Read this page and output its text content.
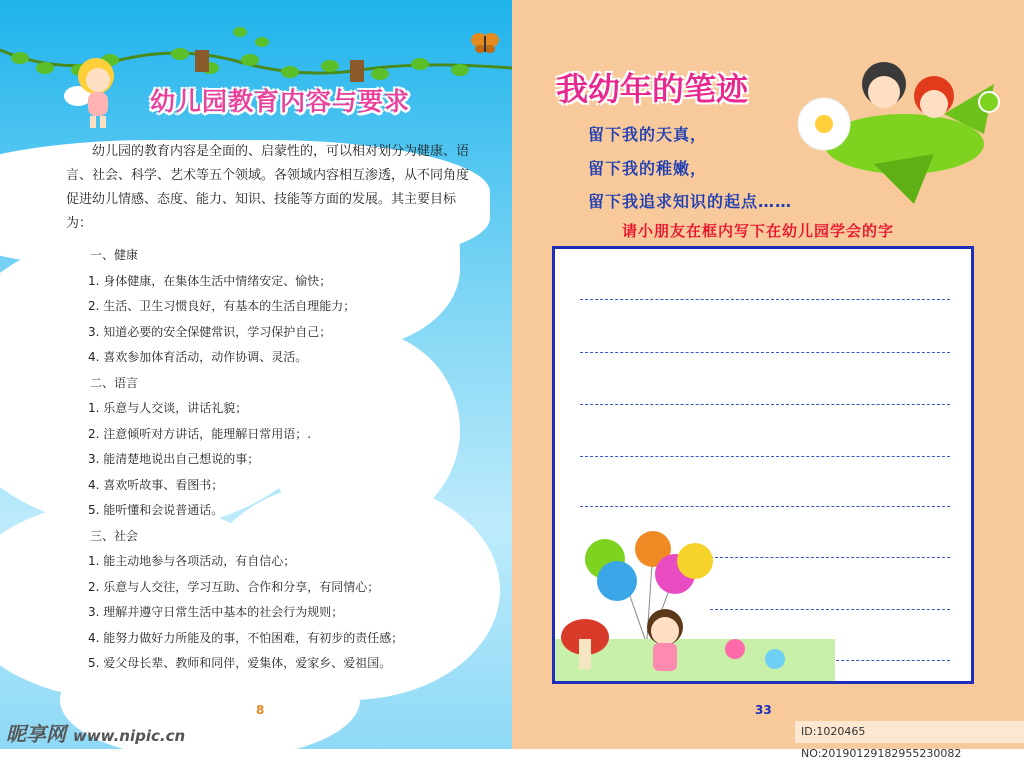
幼儿园教育内容与要求
幼儿园的教育内容是全面的、启蒙性的，可以相对划分为健康、语言、社会、科学、艺术等五个领域。各领域内容相互渗透，从不同角度促进幼儿情感、态度、能力、知识、技能等方面的发展。其主要目标为：
一、健康
1. 身体健康，在集体生活中情绪安定、愉快；
2. 生活、卫生习惯良好，有基本的生活自理能力；
3. 知道必要的安全保健常识，学习保护自己；
4. 喜欢参加体育活动，动作协调、灵活。
二、语言
1. 乐意与人交谈，讲话礼貌；
2. 注意倾听对方讲话，能理解日常用语；.
3. 能清楚地说出自己想说的事；
4. 喜欢听故事、看图书；
5. 能听懂和会说普通话。
三、社会
1. 能主动地参与各项活动，有自信心；
2. 乐意与人交往，学习互助、合作和分享，有同情心；
3. 理解并遵守日常生活中基本的社会行为规则；
4. 能努力做好力所能及的事，不怕困难，有初步的责任感；
5. 爱父母长辈、教师和同伴，爱集体，爱家乡、爱祖国。
8
昵享网 www.nipic.cn
我幼年的笔迹
留下我的天真，
留下我的稚嫩，
留下我追求知识的起点……
请小朋友在框内写下在幼儿园学会的字
33
ID:1020465 NO:20190129182955230082
